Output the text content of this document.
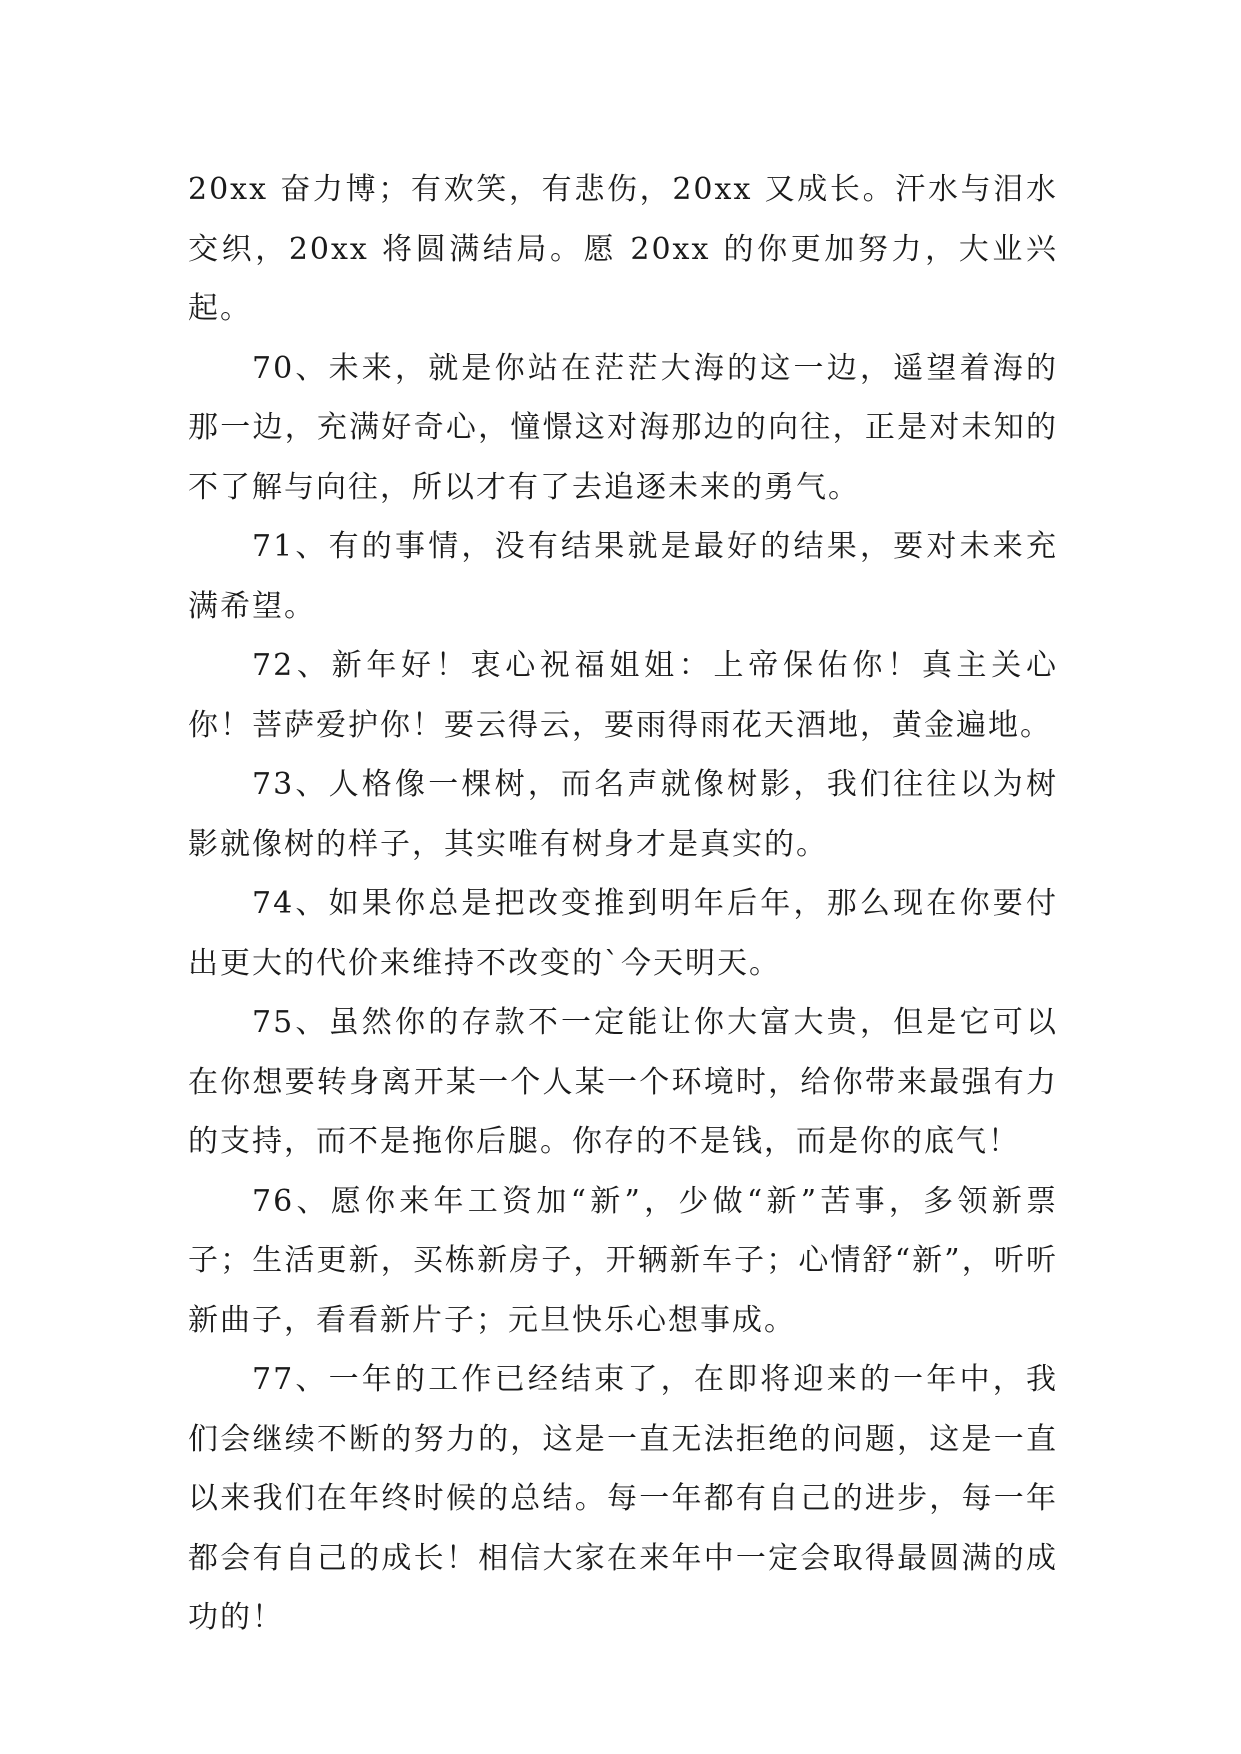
20xx 奋力博；有欢笑，有悲伤，20xx 又成长。汗水与泪水交织，20xx 将圆满结局。愿 20xx 的你更加努力，大业兴起。

70、未来，就是你站在茫茫大海的这一边，遥望着海的那一边，充满好奇心，憧憬这对海那边的向往，正是对未知的不了解与向往，所以才有了去追逐未来的勇气。

71、有的事情，没有结果就是最好的结果，要对未来充满希望。

72、新年好！衷心祝福姐姐：上帝保佑你！真主关心你！菩萨爱护你！要云得云，要雨得雨花天酒地，黄金遍地。

73、人格像一棵树，而名声就像树影，我们往往以为树影就像树的样子，其实唯有树身才是真实的。

74、如果你总是把改变推到明年后年，那么现在你要付出更大的代价来维持不改变的`今天明天。

75、虽然你的存款不一定能让你大富大贵，但是它可以在你想要转身离开某一个人某一个环境时，给你带来最强有力的支持，而不是拖你后腿。你存的不是钱，而是你的底气！

76、愿你来年工资加“新”，少做“新”苦事，多领新票子；生活更新，买栋新房子，开辆新车子；心情舒“新”，听听新曲子，看看新片子；元旦快乐心想事成。

77、一年的工作已经结束了，在即将迎来的一年中，我们会继续不断的努力的，这是一直无法拒绝的问题，这是一直以来我们在年终时候的总结。每一年都有自己的进步，每一年都会有自己的成长！相信大家在来年中一定会取得最圆满的成功的！
